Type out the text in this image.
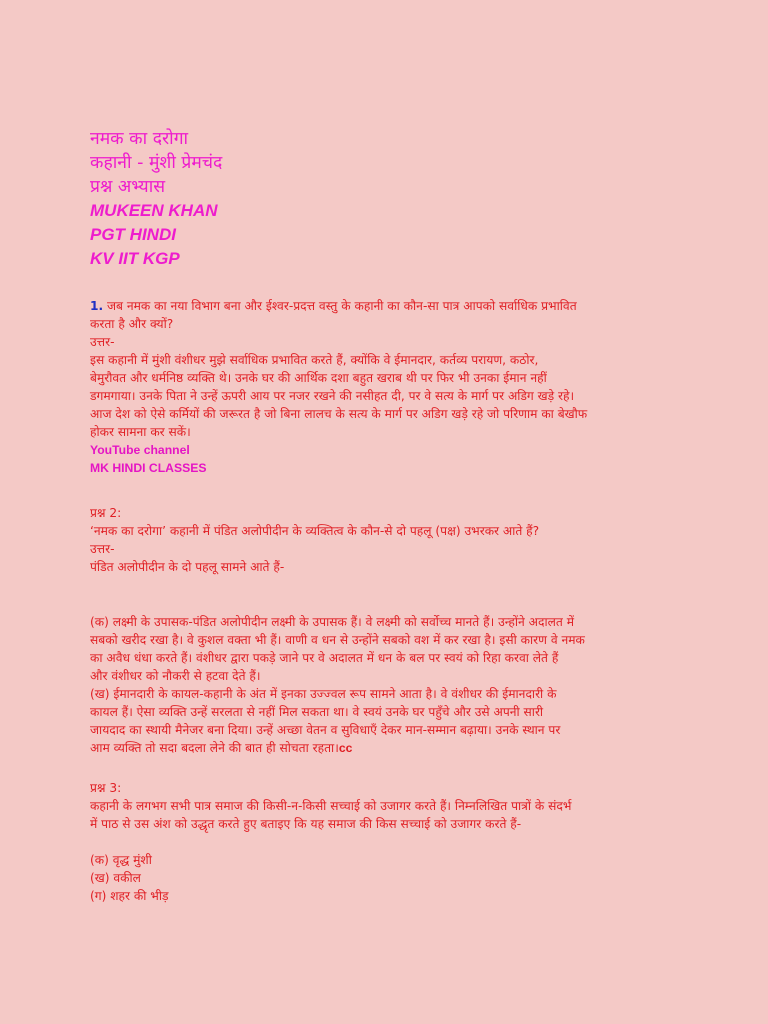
नमक का दरोगा
कहानी - मुंशी प्रेमचंद
प्रश्न अभ्यास
MUKEEN KHAN
PGT HINDI
KV IIT KGP
1. जब नमक का नया विभाग बना और ईश्वर-प्रदत्त वस्तु के कहानी का कौन-सा पात्र आपको सर्वाधिक प्रभावित
करता है और क्यों?
उत्तर-
इस कहानी में मुंशी वंशीधर मुझे सर्वाधिक प्रभावित करते हैं, क्योंकि वे ईमानदार, कर्तव्य परायण, कठोर,
बेमुरौवत और धर्मनिष्ठ व्यक्ति थे। उनके घर की आर्थिक दशा बहुत खराब थी पर फिर भी उनका ईमान नहीं
डगमगाया। उनके पिता ने उन्हें ऊपरी आय पर नजर रखने की नसीहत दी, पर वे सत्य के मार्ग पर अडिग खड़े रहे।
आज देश को ऐसे कर्मियों की जरूरत है जो बिना लालच के सत्य के मार्ग पर अडिग खड़े रहे जो परिणाम का बेखौफ
होकर सामना कर सकें।
YouTube channel
MK HINDI CLASSES
प्रश्न 2:
‘नमक का दरोगा’ कहानी में पंडित अलोपीदीन के व्यक्तित्व के कौन-से दो पहलू (पक्ष) उभरकर आते हैं?
उत्तर-
पंडित अलोपीदीन के दो पहलू सामने आते हैं-
(क) लक्ष्मी के उपासक-पंडित अलोपीदीन लक्ष्मी के उपासक हैं। वे लक्ष्मी को सर्वोच्च मानते हैं। उन्होंने अदालत में
सबको खरीद रखा है। वे कुशल वक्ता भी हैं। वाणी व धन से उन्होंने सबको वश में कर रखा है। इसी कारण वे नमक
का अवैध धंधा करते हैं। वंशीधर द्वारा पकड़े जाने पर वे अदालत में धन के बल पर स्वयं को रिहा करवा लेते हैं
और वंशीधर को नौकरी से हटवा देते हैं।
(ख) ईमानदारी के कायल-कहानी के अंत में इनका उज्ज्वल रूप सामने आता है। वे वंशीधर की ईमानदारी के
कायल हैं। ऐसा व्यक्ति उन्हें सरलता से नहीं मिल सकता था। वे स्वयं उनके घर पहुँचे और उसे अपनी सारी
जायदाद का स्थायी मैनेजर बना दिया। उन्हें अच्छा वेतन व सुविधाएँ देकर मान-सम्मान बढ़ाया। उनके स्थान पर
आम व्यक्ति तो सदा बदला लेने की बात ही सोचता रहता।cc
प्रश्न 3:
कहानी के लगभग सभी पात्र समाज की किसी-न-किसी सच्चाई को उजागर करते हैं। निम्नलिखित पात्रों के संदर्भ
में पाठ से उस अंश को उद्धृत करते हुए बताइए कि यह समाज की किस सच्चाई को उजागर करते हैं-
(क) वृद्ध मुंशी
(ख) वकील
(ग) शहर की भीड़
